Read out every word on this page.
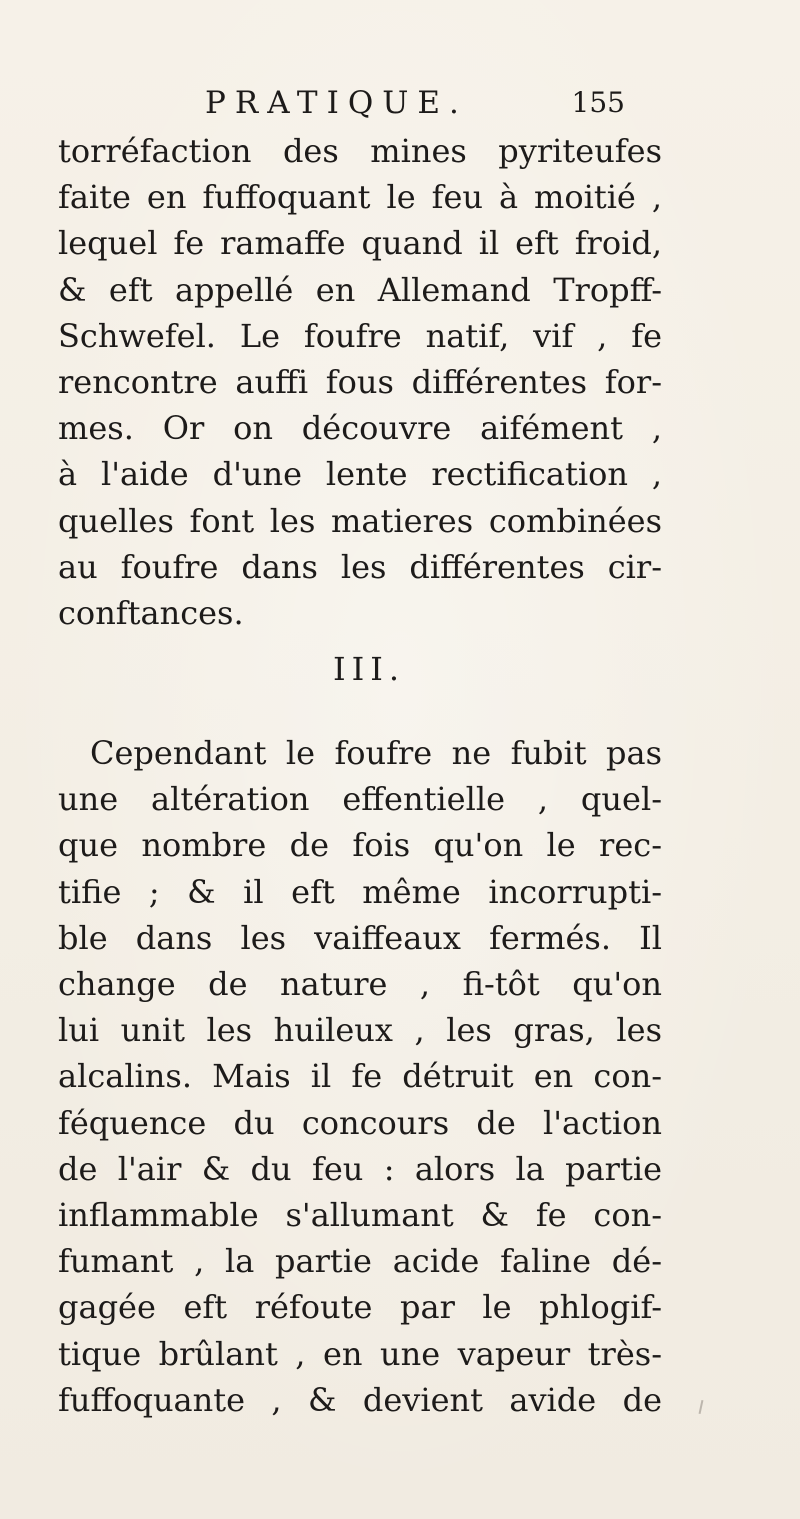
PRATIQUE.	155
torréfaction des mines pyriteufes
faite en fuffoquant le feu à moitié ,
lequel fe ramaffe quand il eft froid,
& eft appellé en Allemand Tropff-
Schwefel. Le foufre natif, vif , fe
rencontre auffi fous différentes for-
mes. Or on découvre aifément ,
à l'aide d'une lente rectification ,
quelles font les matieres combinées
au foufre dans les différentes cir-
conftances.
III.
Cependant le foufre ne fubit pas
une altération effentielle , quel-
que nombre de fois qu'on le rec-
tifie ; & il eft même incorrupti-
ble dans les vaiffeaux fermés. Il
change de nature , fi-tôt qu'on
lui unit les huileux , les gras, les
alcalins. Mais il fe détruit en con-
féquence du concours de l'action
de l'air & du feu : alors la partie
inflammable s'allumant & fe con-
fumant , la partie acide faline dé-
gagée eft réfoute par le phlogif-
tique brûlant , en une vapeur très-
fuffoquante , & devient avide de
